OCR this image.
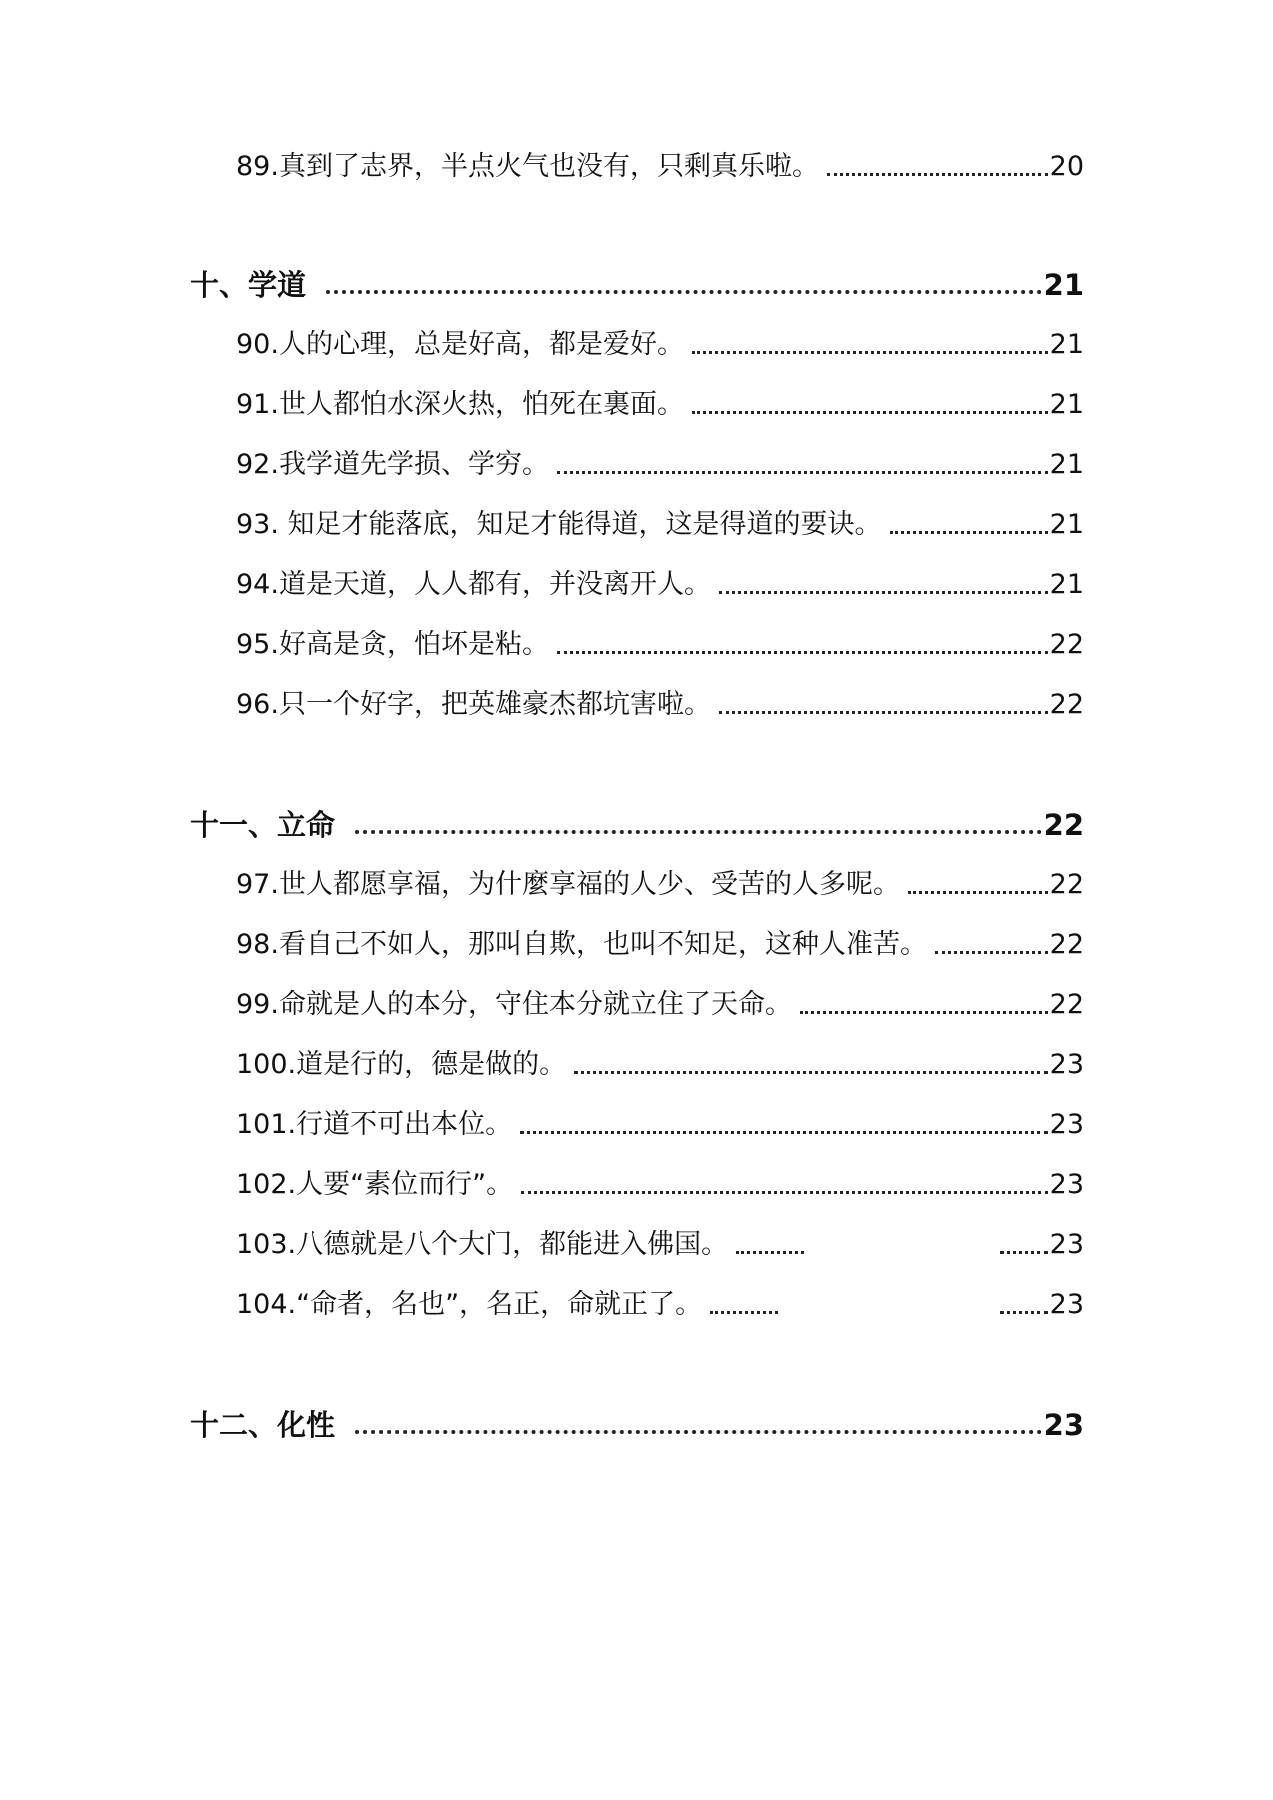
89.真到了志界，半点火气也没有，只剩真乐啦。	20
十、学道	21
90.人的心理，总是好高，都是爱好。	21
91.世人都怕水深火热，怕死在裏面。	21
92.我学道先学损、学穷。	21
93. 知足才能落底，知足才能得道，这是得道的要诀。	21
94.道是天道，人人都有，并没离开人。	21
95.好高是贪，怕坏是粘。	22
96.只一个好字，把英雄豪杰都坑害啦。	22
十一、立命	22
97.世人都愿享福，为什麼享福的人少、受苦的人多呢。	22
98.看自己不如人，那叫自欺，也叫不知足，这种人准苦。	22
99.命就是人的本分，守住本分就立住了天命。	22
100.道是行的，德是做的。	23
101.行道不可出本位。	23
102.人要“素位而行”。	23
103.八德就是八个大门，都能进入佛国。	23
104.“命者，名也”，名正，命就正了。	23
十二、化性	23
